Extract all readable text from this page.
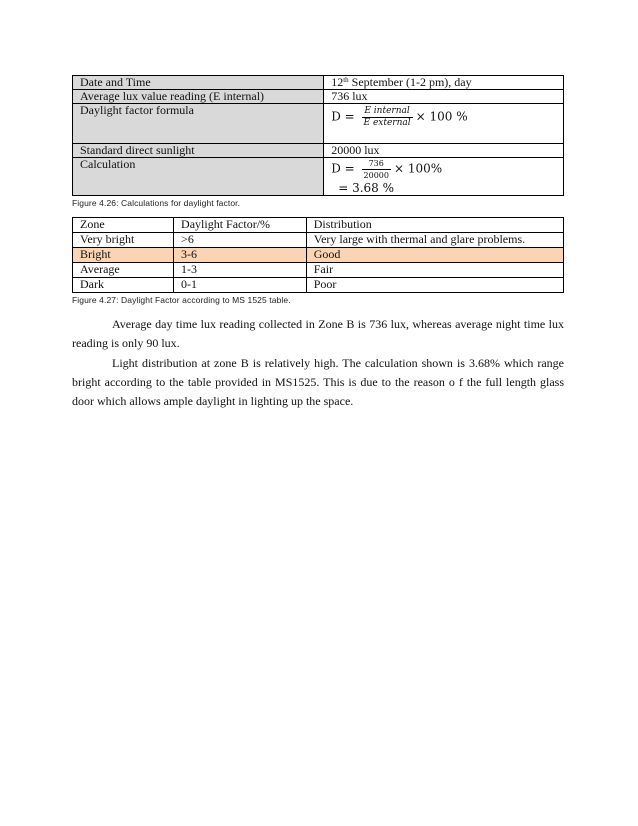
Date and Time	12th September (1-2 pm), day
Average lux value reading (E internal)	736 lux
Daylight factor formula	$D = \frac{\text{E internal}}{\text{E external}} \times 100$ %
Standard direct sunlight	20000 lux
Calculation	$D = \frac{736}{20000} \times 100\%$
= 3.68 %
Figure 4.26: Calculations for daylight factor.
Zone	Daylight Factor/%	Distribution
Very bright	>6	Very large with thermal and glare problems.
Bright	3-6	Good
Average	1-3	Fair
Dark	0-1	Poor
Figure 4.27: Daylight Factor according to MS 1525 table.

Average day time lux reading collected in Zone B is 736 lux, whereas average night time lux reading is only 90 lux.

Light distribution at zone B is relatively high. The calculation shown is 3.68% which range bright according to the table provided in MS1525. This is due to the reason o f the full length glass door which allows ample daylight in lighting up the space.
